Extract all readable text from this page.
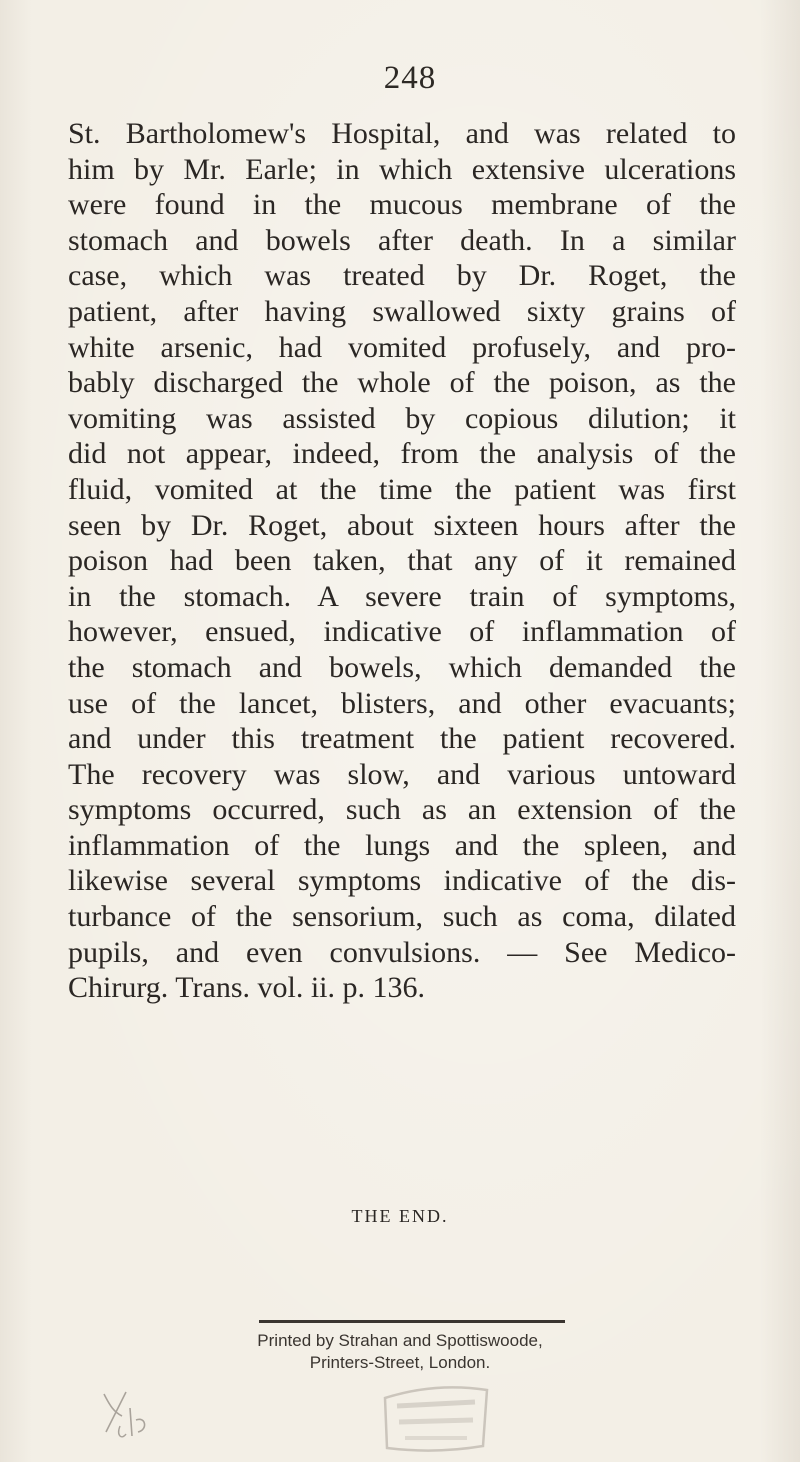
248
St. Bartholomew's Hospital, and was related to
him by Mr. Earle; in which extensive ulcerations
were found in the mucous membrane of the
stomach and bowels after death. In a similar
case, which was treated by Dr. Roget, the
patient, after having swallowed sixty grains of
white arsenic, had vomited profusely, and pro-
bably discharged the whole of the poison, as the
vomiting was assisted by copious dilution; it
did not appear, indeed, from the analysis of the
fluid, vomited at the time the patient was first
seen by Dr. Roget, about sixteen hours after the
poison had been taken, that any of it remained
in the stomach. A severe train of symptoms,
however, ensued, indicative of inflammation of
the stomach and bowels, which demanded the
use of the lancet, blisters, and other evacuants;
and under this treatment the patient recovered.
The recovery was slow, and various untoward
symptoms occurred, such as an extension of the
inflammation of the lungs and the spleen, and
likewise several symptoms indicative of the dis-
turbance of the sensorium, such as coma, dilated
pupils, and even convulsions. — See Medico-
Chirurg. Trans. vol. ii. p. 136.
THE END.
Printed by Strahan and Spottiswoode,
Printers-Street, London.
